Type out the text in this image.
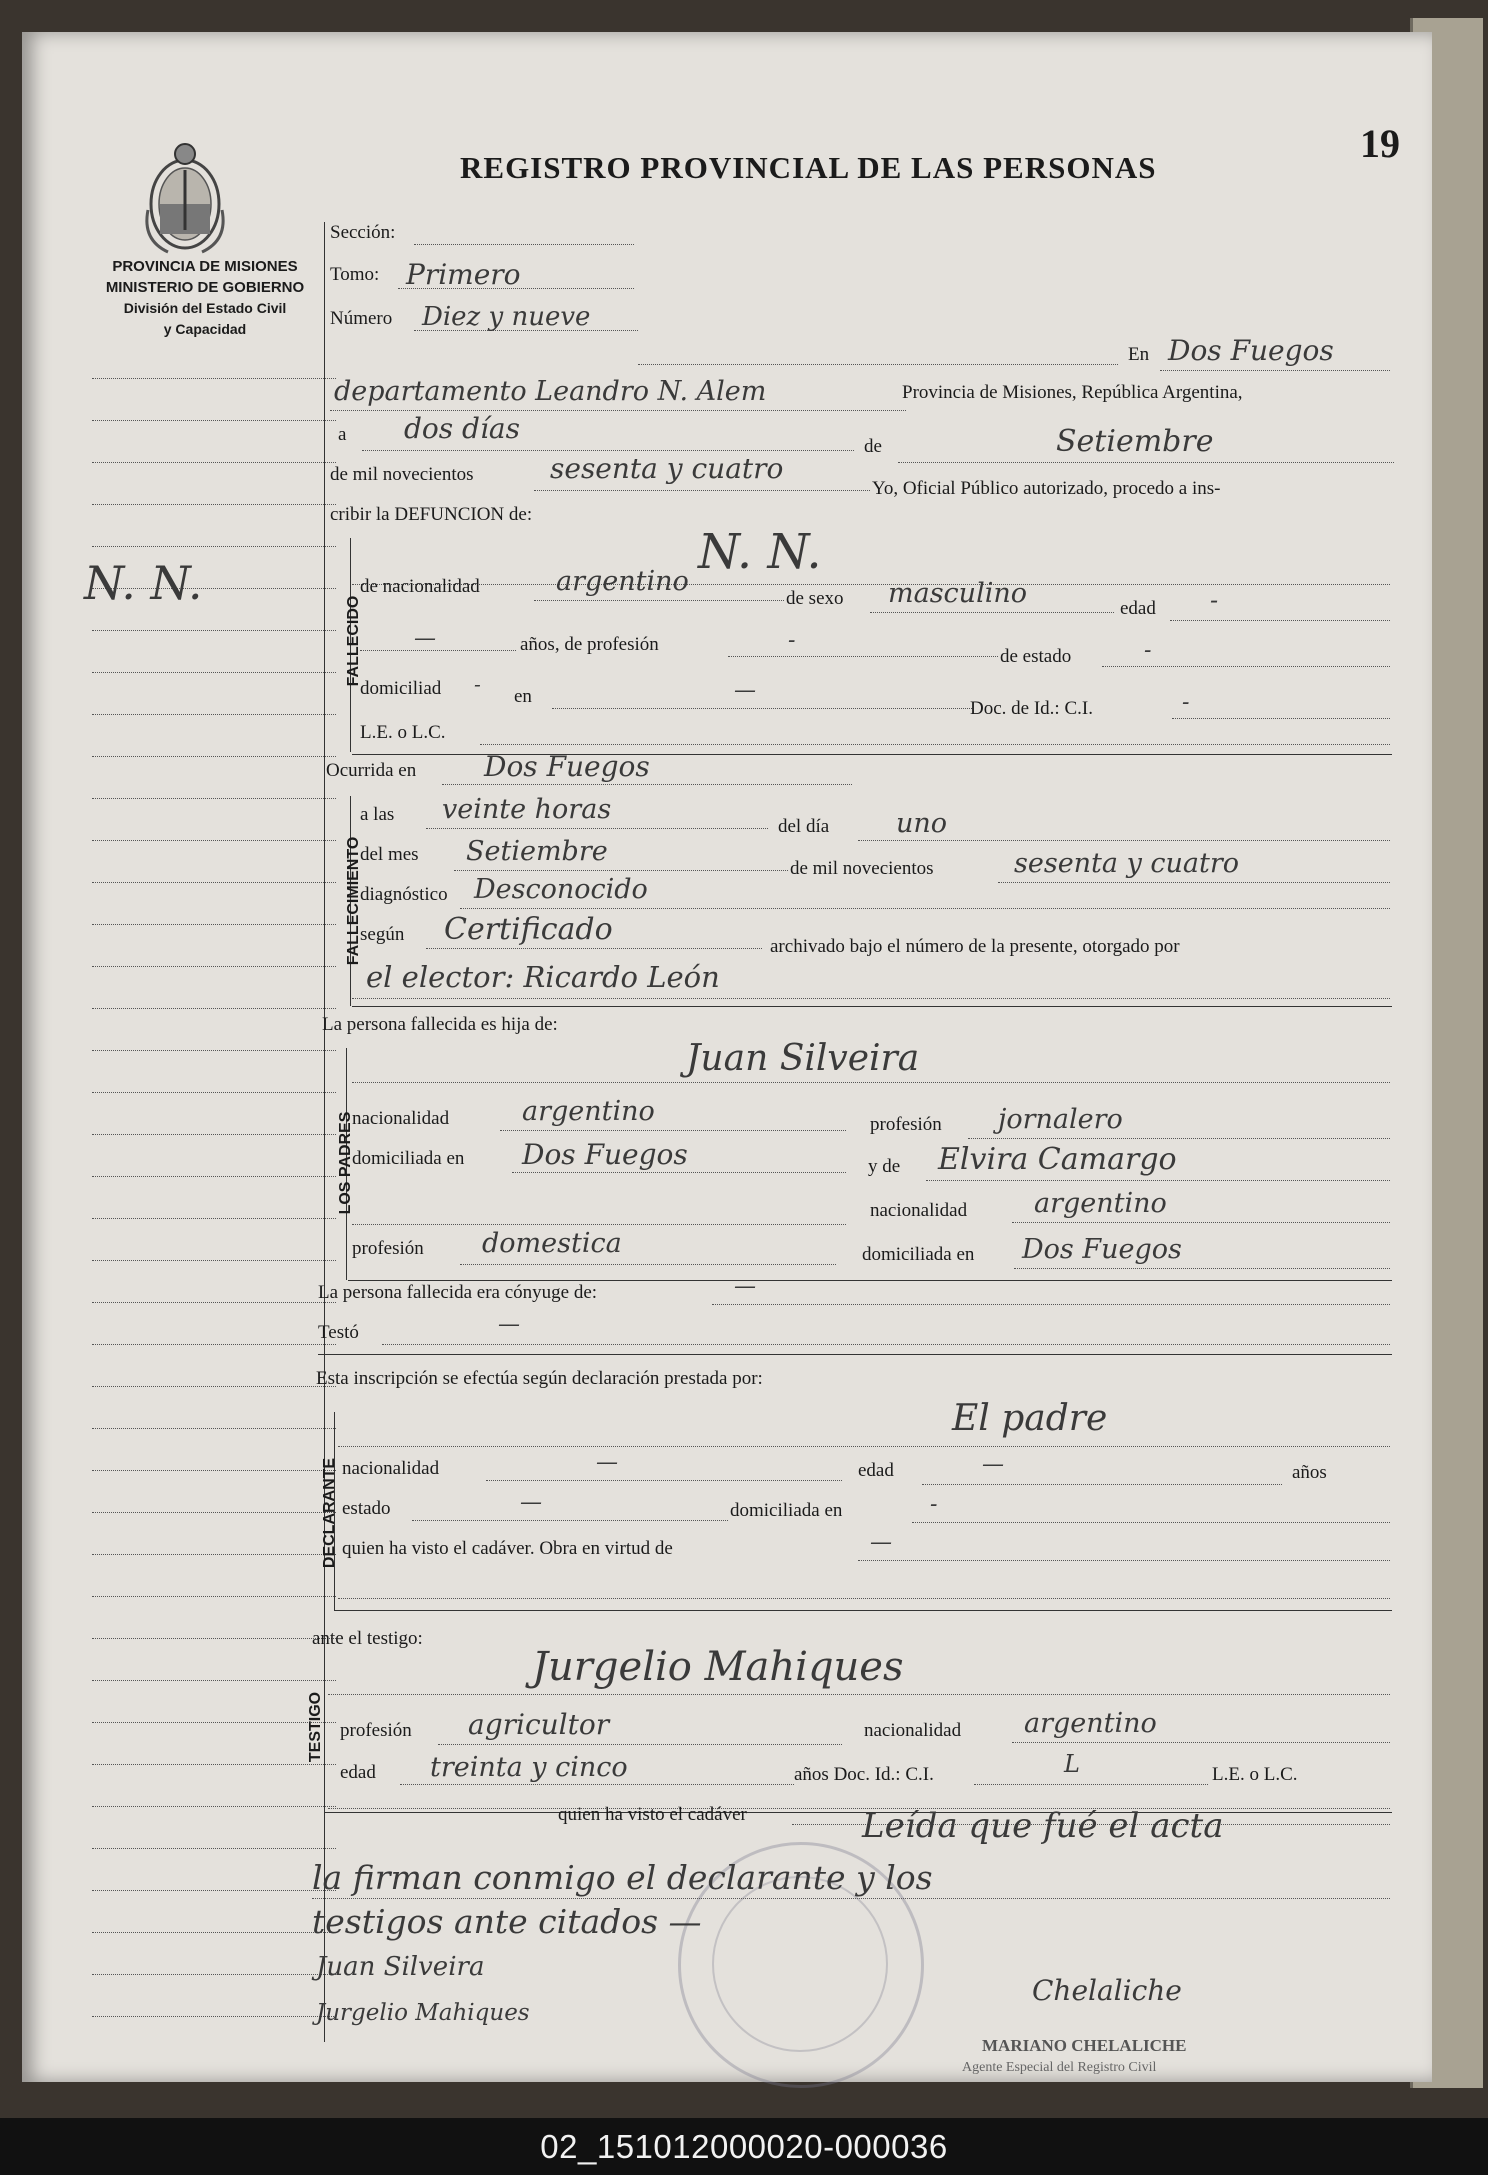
19
REGISTRO PROVINCIAL DE LAS PERSONAS
PROVINCIA DE MISIONES
MINISTERIO DE GOBIERNO
División del Estado Civil
y Capacidad
N. N.
Sección:
Tomo: Primero
Número Diez y nueve
En Dos Fuegos
departamento Leandro N. Alem	Provincia de Misiones, República Argentina,
a dos días
de	Setiembre
de mil novecientos	sesenta y cuatro
Yo, Oficial Público autorizado, procedo a ins-
cribir la DEFUNCION de:
FALLECIDO
N. N.
de nacionalidad	argentino
de sexo masculino	edad -
—	años, de profesión	-
de estado	-
domiciliad -
en	—
Doc. de Id.: C.I.	-
L.E. o L.C.
Ocurrida en Dos Fuegos
FALLECIMIENTO
a las veinte horas
del día uno
del mes Setiembre
de mil novecientos	sesenta y cuatro
diagnóstico Desconocido
según Certificado	archivado bajo el número de la presente, otorgado por
el elector: Ricardo León
La persona fallecida es hija de:
LOS PADRES
Juan Silveira
nacionalidad	argentino	profesión jornalero
domiciliada en Dos Fuegos	y de Elvira Camargo
nacionalidad argentino
profesión domestica	domiciliada en Dos Fuegos
La persona fallecida era cónyuge de:	—
Testó	—
Esta inscripción se efectúa según declaración prestada por:
DECLARANTE
El padre
nacionalidad	—	edad	—	años
estado	—	domiciliada en	-
quien ha visto el cadáver. Obra en virtud de	—
ante el testigo:
TESTIGO
Jurgelio Mahiques
profesión agricultor	nacionalidad argentino
edad treinta y cinco	años Doc. Id.: C.I.	L	L.E. o L.C.
quien ha visto el cadáver	Leída que fué el acta
la firman conmigo el declarante y los
testigos ante citados —
Juan Silveira
Jurgelio Mahiques
Chelaliche
MARIANO CHELALICHE
Agente Especial del Registro Civil
02_151012000020-000036
